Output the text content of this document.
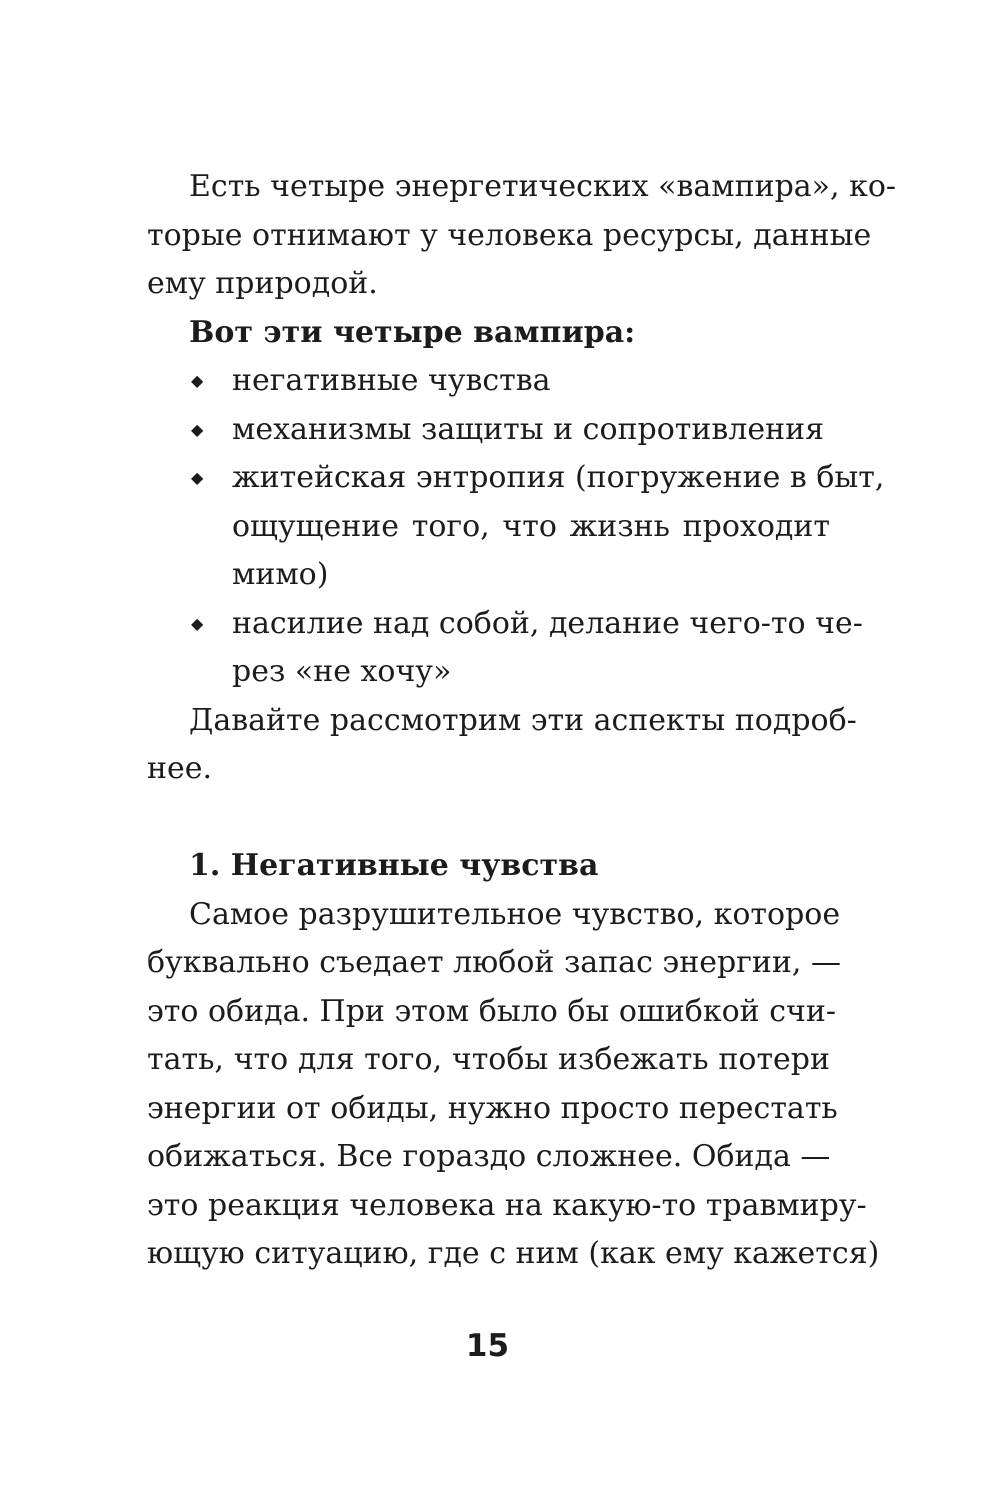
Есть четыре энергетических «вампира», ко-
торые отнимают у человека ресурсы, данные
ему природой.
Вот эти четыре вампира:
◆ негативные чувства
◆ механизмы защиты и сопротивления
◆ житейская энтропия (погружение в быт,
ощущение того, что жизнь проходит
мимо)
◆ насилие над собой, делание чего-то че-
рез «не хочу»
Давайте рассмотрим эти аспекты подроб-
нее.
1. Негативные чувства
Самое разрушительное чувство, которое
буквально съедает любой запас энергии, —
это обида. При этом было бы ошибкой счи-
тать, что для того, чтобы избежать потери
энергии от обиды, нужно просто перестать
обижаться. Все гораздо сложнее. Обида —
это реакция человека на какую-то травмиру-
ющую ситуацию, где с ним (как ему кажется)
15
